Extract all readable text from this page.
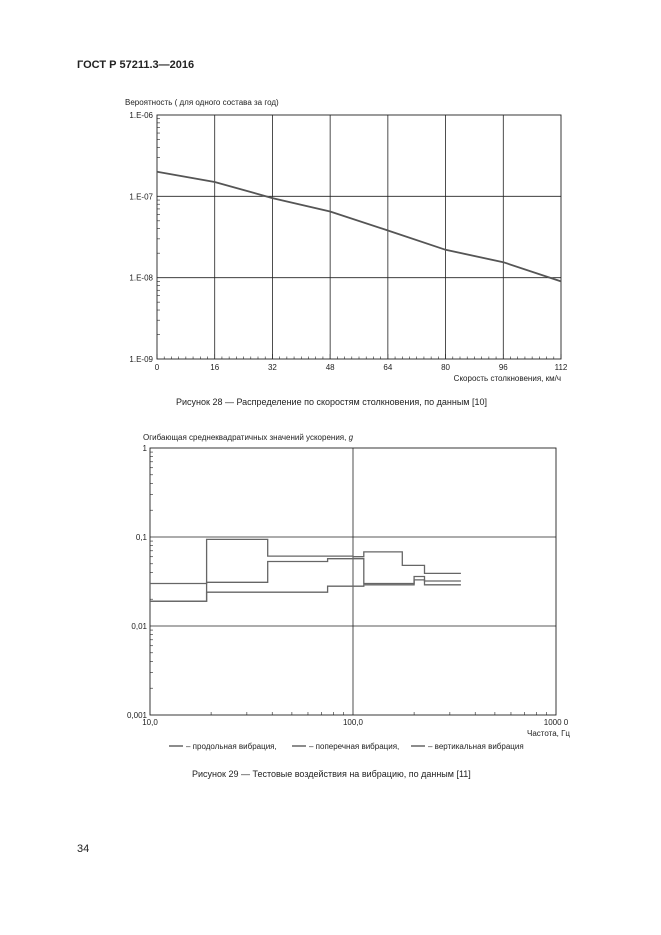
ГОСТ Р 57211.3—2016
Рисунок 28 — Распределение по скоростям столкновения, по данным [10]
Рисунок 29 — Тестовые воздействия на вибрацию, по данным [11]
34
Вероятность ( для одного состава за год)
0	16	32	48	64	80	96	112
1.E-09
1.E-08
1.E-07
1.E-06
Скорость столкновения, км/ч
Огибающая среднеквадратичных значений ускорения, g
10,0	100,0	1000 0
0,001
0,01
0,1
1
Частота, Гц
– продольная вибрация,	– поперечная вибрация,	– вертикальная вибрация
